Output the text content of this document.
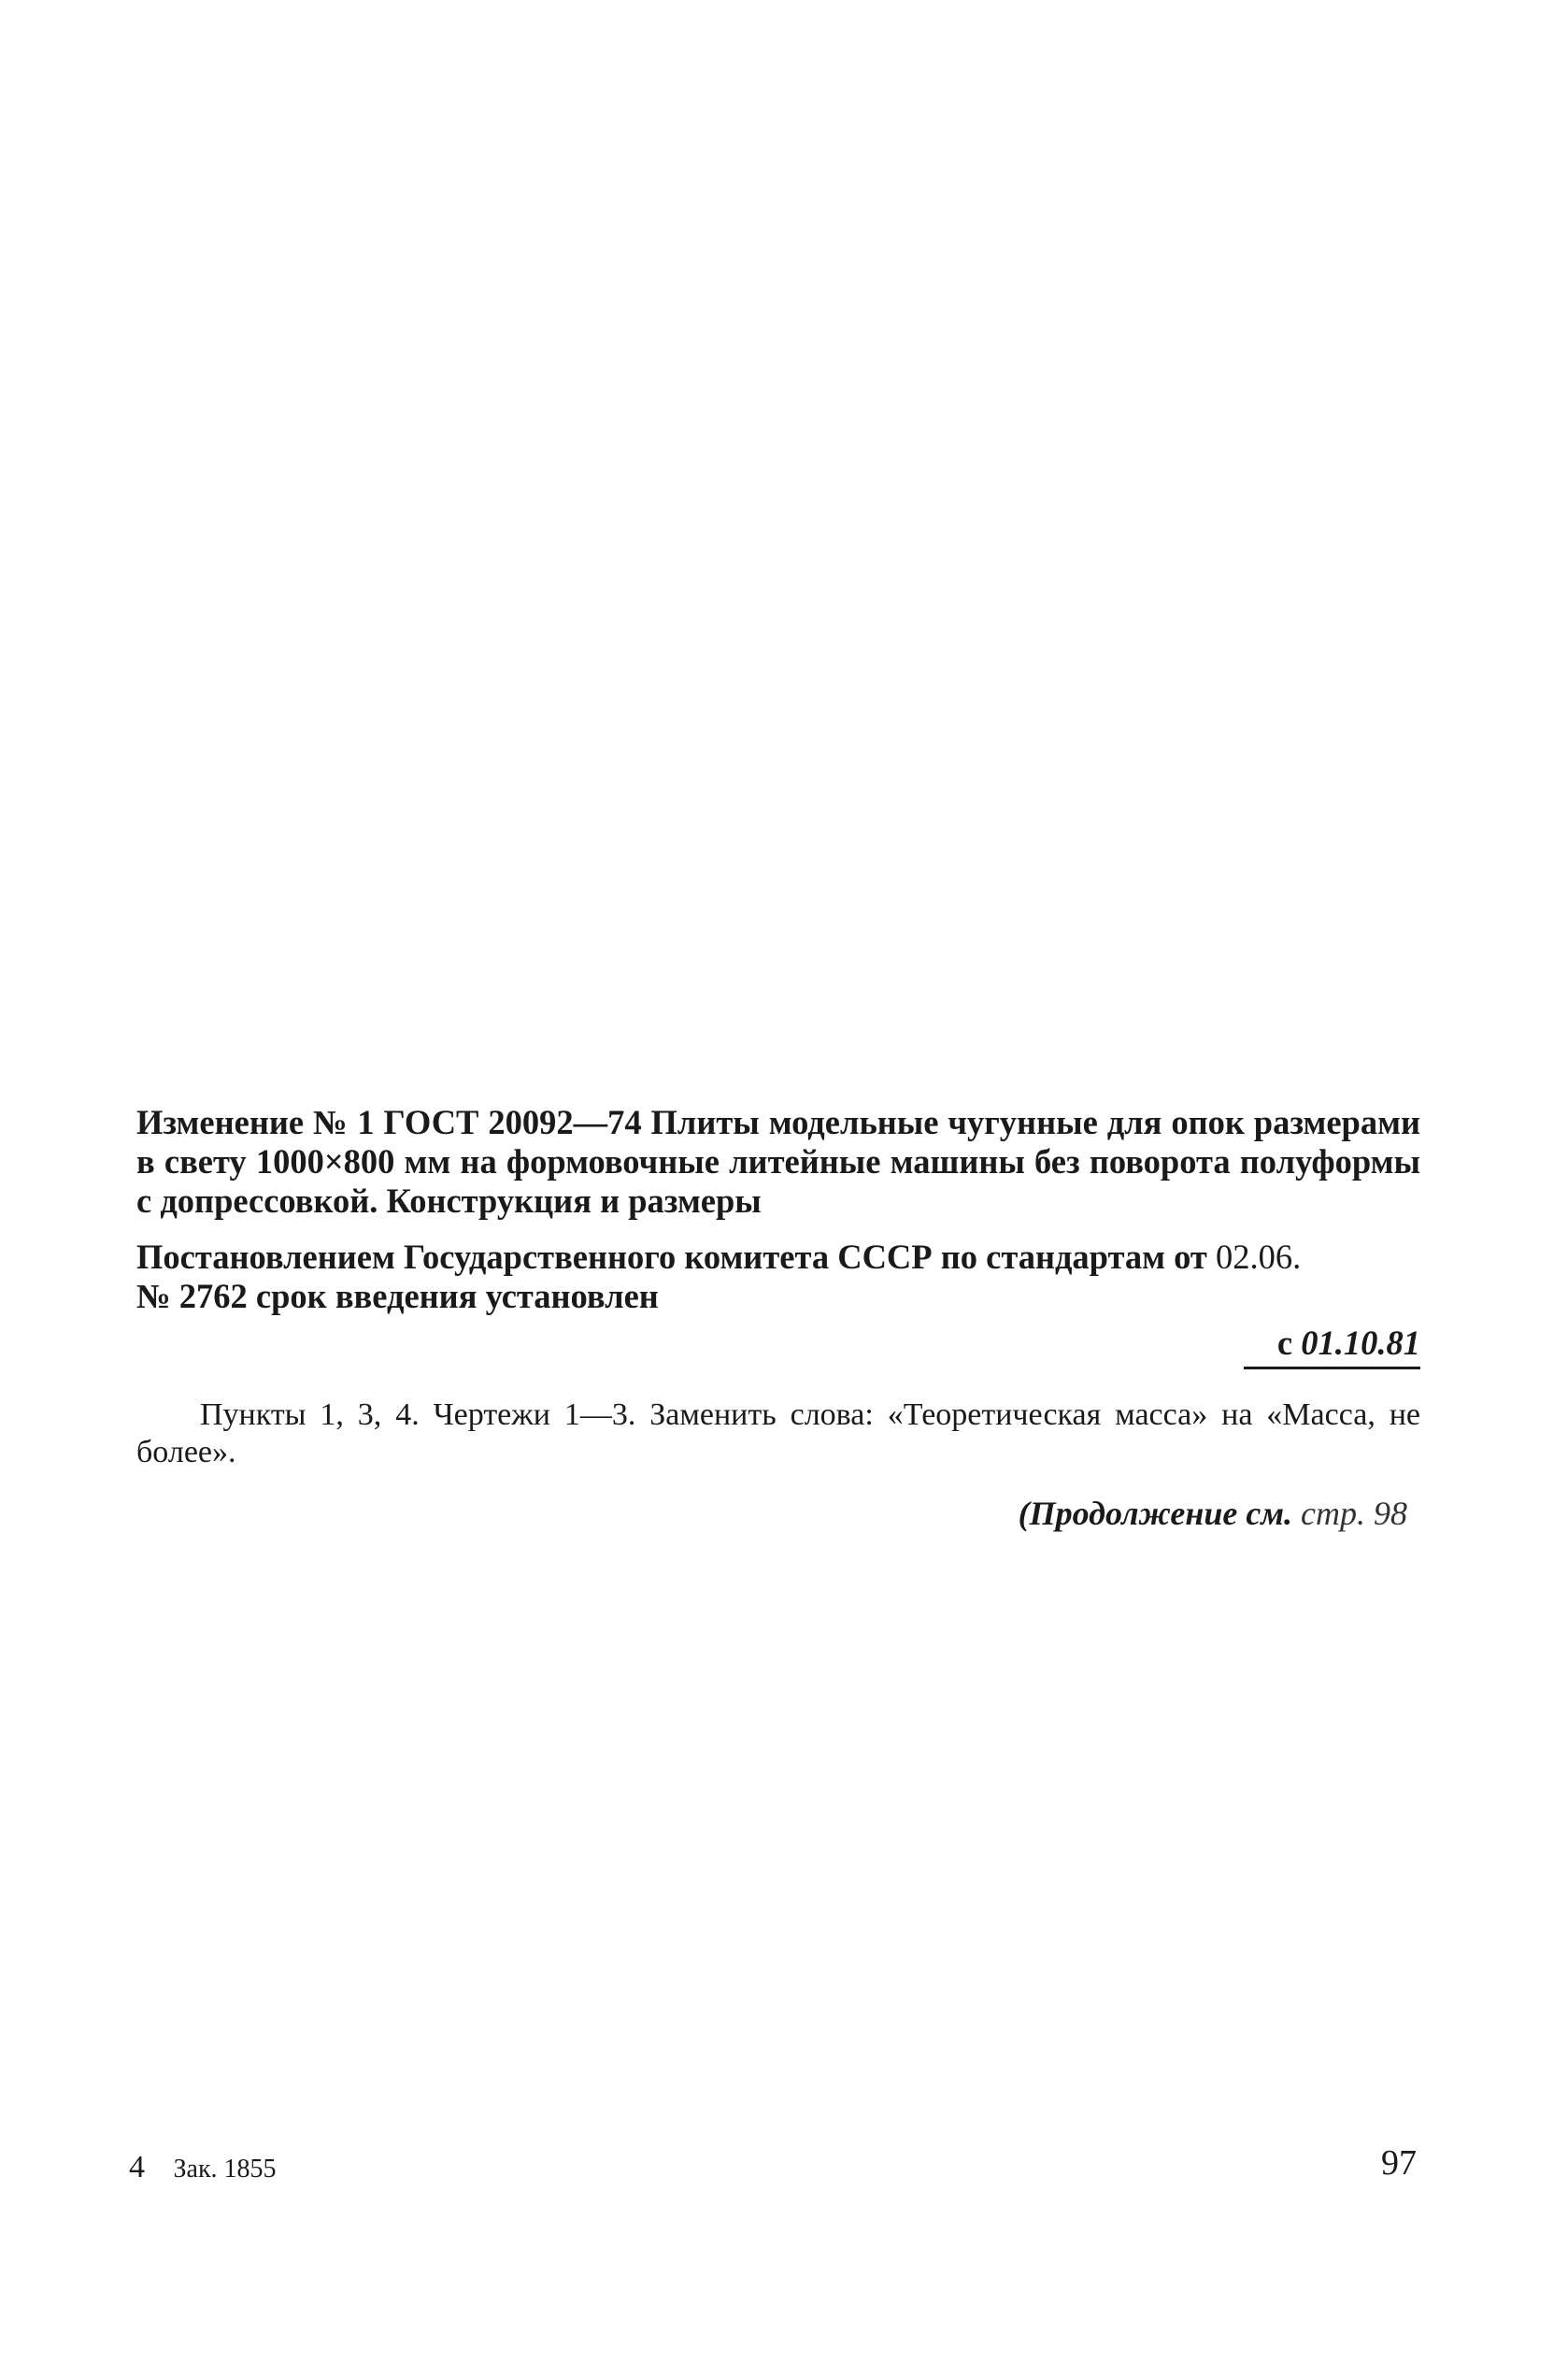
Изменение № 1 ГОСТ 20092—74 Плиты модельные чугунные для опок размерами в свету 1000×800 мм на формовочные литейные машины без поворота полуформы с допрессовкой. Конструкция и размеры

Постановлением Государственного комитета СССР по стандартам от 02.06.
№ 2762 срок введения установлен

с 01.10.81

Пункты 1, 3, 4. Чертежи 1—3. Заменить слова: «Теоретическая масса» на «Масса, не более».

(Продолжение см. стр. 98
4 Зак. 1855	97
